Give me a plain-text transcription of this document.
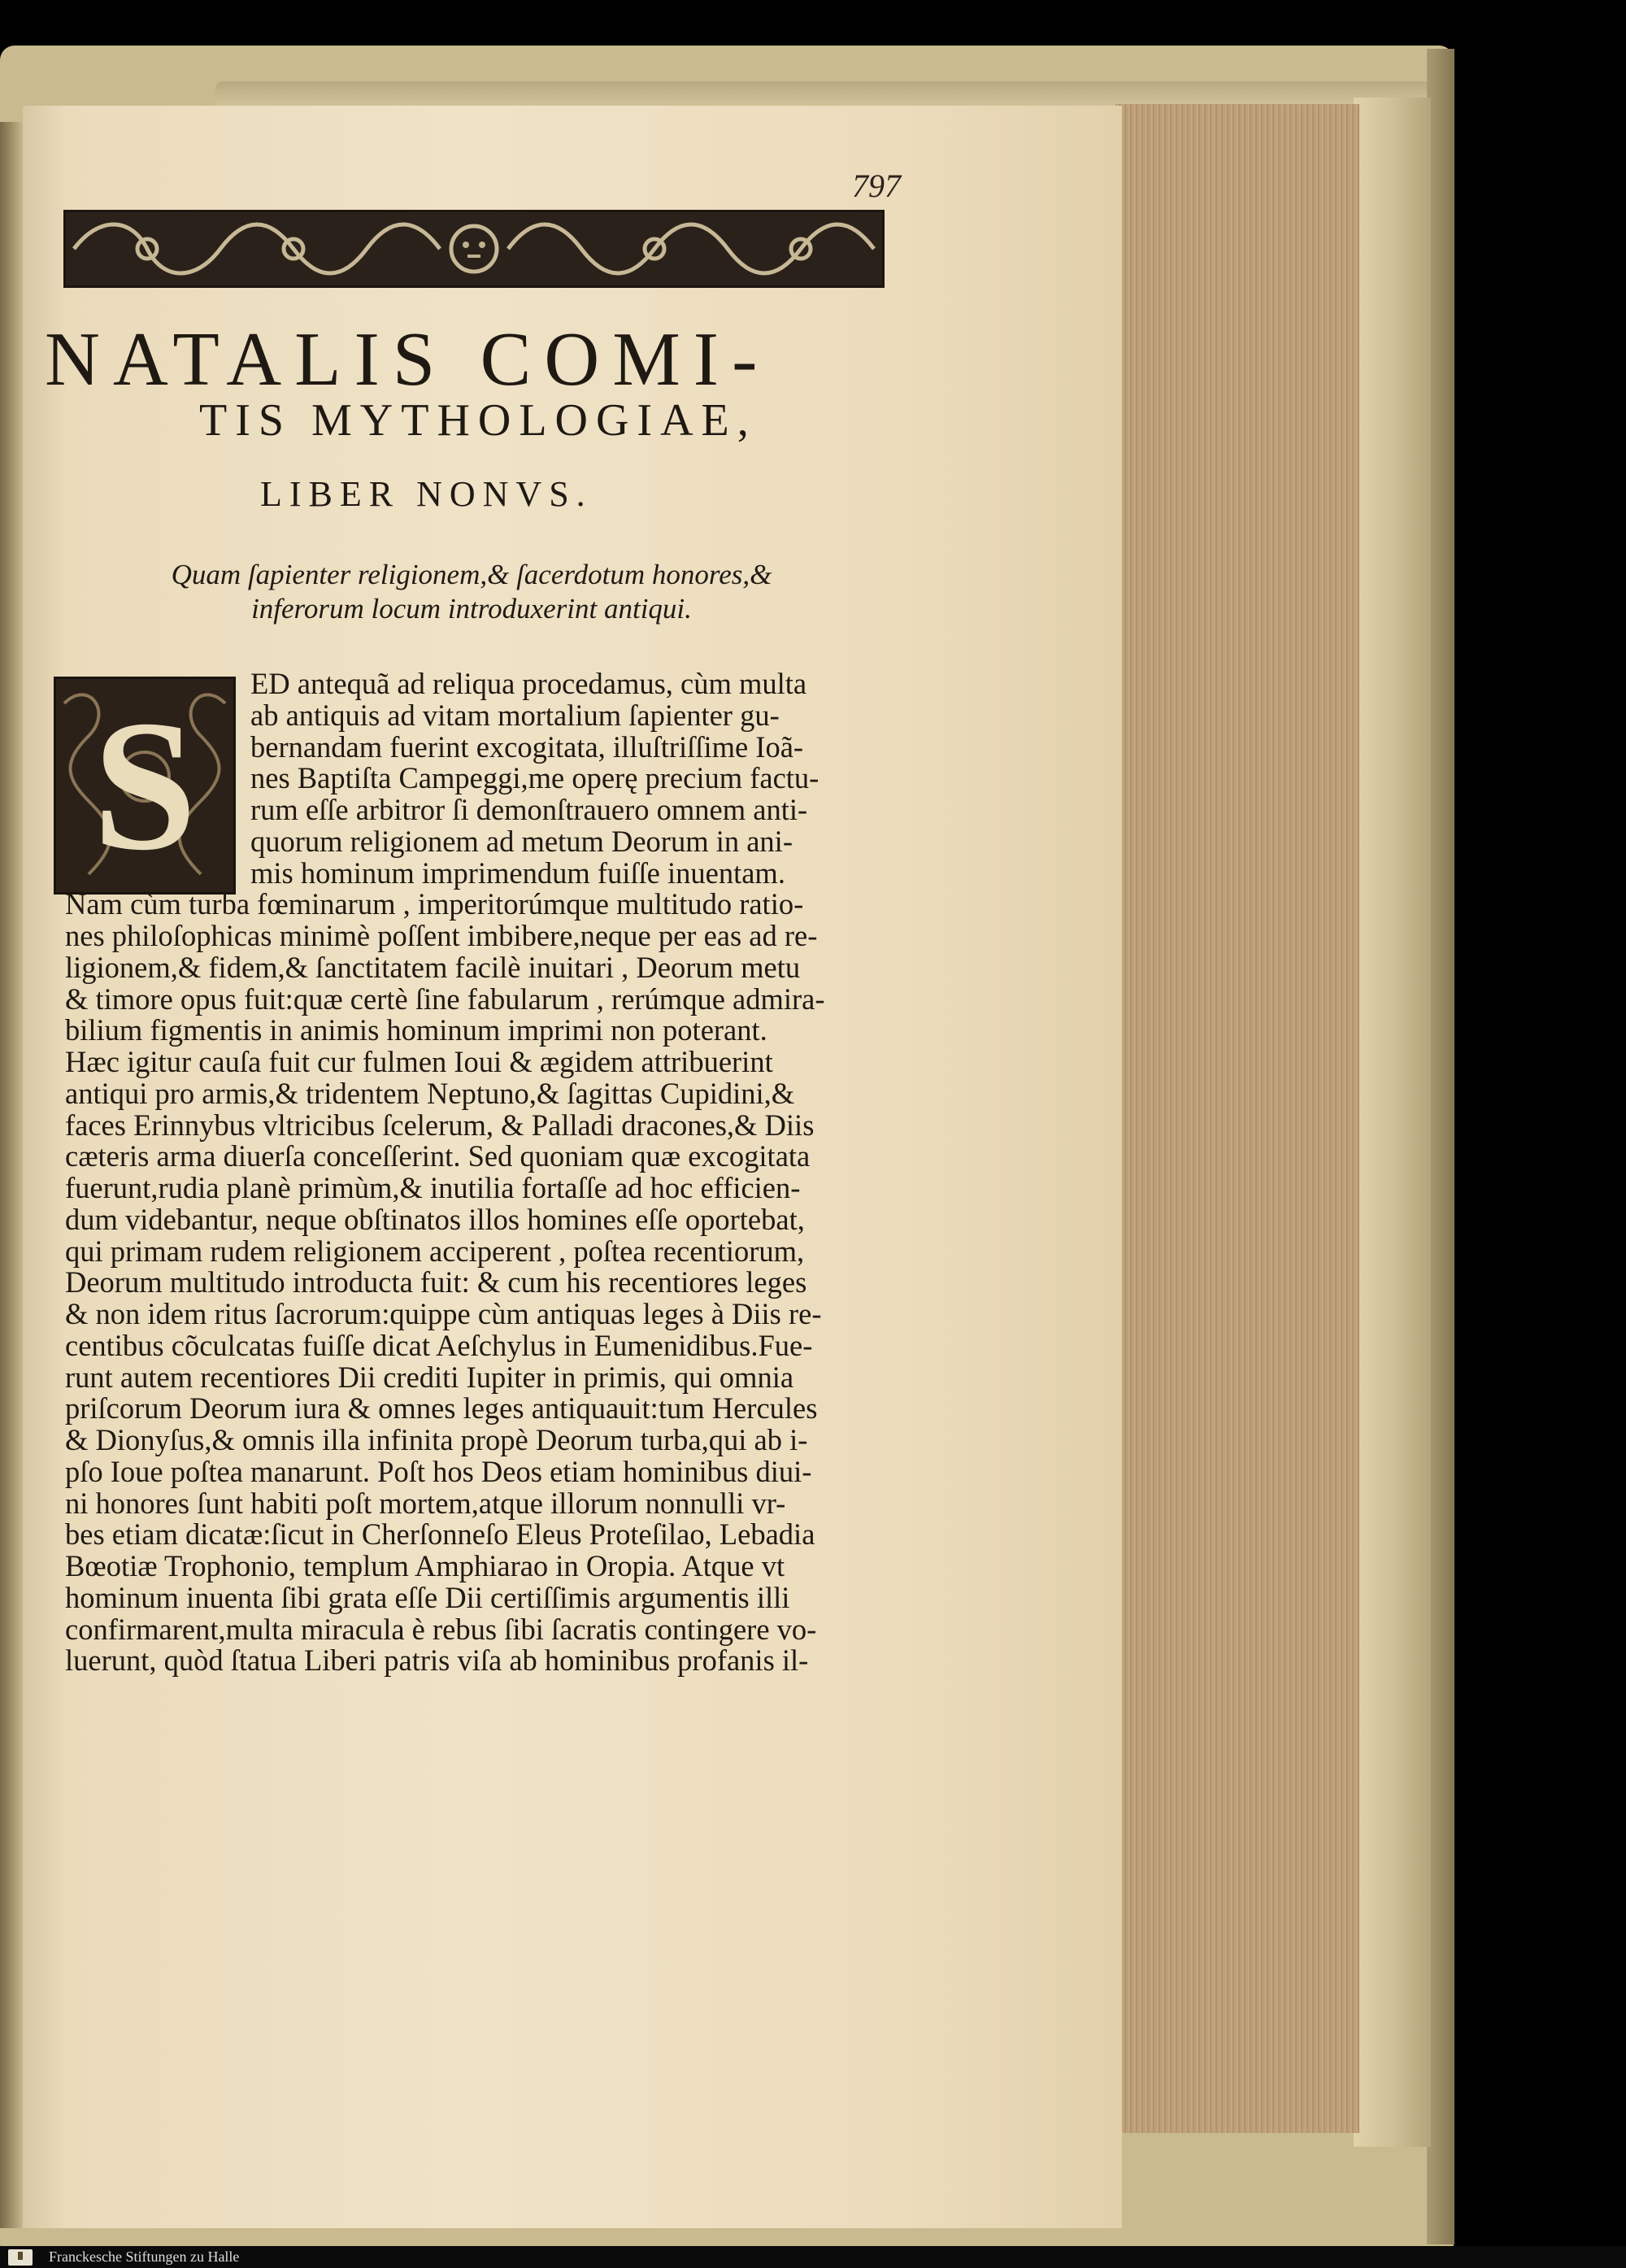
797
NATALIS COMI-
TIS MYTHOLOGIAE,
LIBER NONVS.
Quam ſapienter religionem,& ſacerdotum honores,&
inferorum locum introduxerint antiqui.
S	ED antequã ad reliqua procedamus, cùm multa
ab antiquis ad vitam mortalium ſapienter gu-
bernandam fuerint excogitata, illuſtriſſime Ioã-
nes Baptiſta Campeggi,me operę precium factu-
rum eſſe arbitror ſi demonſtrauero omnem anti-
quorum religionem ad metum Deorum in ani-
mis hominum imprimendum fuiſſe inuentam.
Nam cùm turba fœminarum , imperitorúmque multitudo ratio-
nes philoſophicas minimè poſſent imbibere,neque per eas ad re-
ligionem,& fidem,& ſanctitatem facilè inuitari , Deorum metu
& timore opus fuit:quæ certè ſine fabularum , rerúmque admira-
bilium figmentis in animis hominum imprimi non poterant.
Hæc igitur cauſa fuit cur fulmen Ioui & ægidem attribuerint
antiqui pro armis,& tridentem Neptuno,& ſagittas Cupidini,&
faces Erinnybus vltricibus ſcelerum, & Palladi dracones,& Diis
cæteris arma diuerſa conceſſerint. Sed quoniam quæ excogitata
fuerunt,rudia planè primùm,& inutilia fortaſſe ad hoc efficien-
dum videbantur, neque obſtinatos illos homines eſſe oportebat,
qui primam rudem religionem acciperent , poſtea recentiorum,
Deorum multitudo introducta fuit: & cum his recentiores leges
& non idem ritus ſacrorum:quippe cùm antiquas leges à Diis re-
centibus cõculcatas fuiſſe dicat Aeſchylus in Eumenidibus.Fue-
runt autem recentiores Dii crediti Iupiter in primis, qui omnia
priſcorum Deorum iura & omnes leges antiquauit:tum Hercules
& Dionyſus,& omnis illa infinita propè Deorum turba,qui ab i-
pſo Ioue poſtea manarunt. Poſt hos Deos etiam hominibus diui-
ni honores ſunt habiti poſt mortem,atque illorum nonnulli vr-
bes etiam dicatæ:ſicut in Cherſonneſo Eleus Proteſilao, Lebadia
Bœotiæ Trophonio, templum Amphiarao in Oropia. Atque vt
hominum inuenta ſibi grata eſſe Dii certiſſimis argumentis illi
confirmarent,multa miracula è rebus ſibi ſacratis contingere vo-
luerunt, quòd ſtatua Liberi patris viſa ab hominibus profanis il-
Franckesche Stiftungen zu Halle
